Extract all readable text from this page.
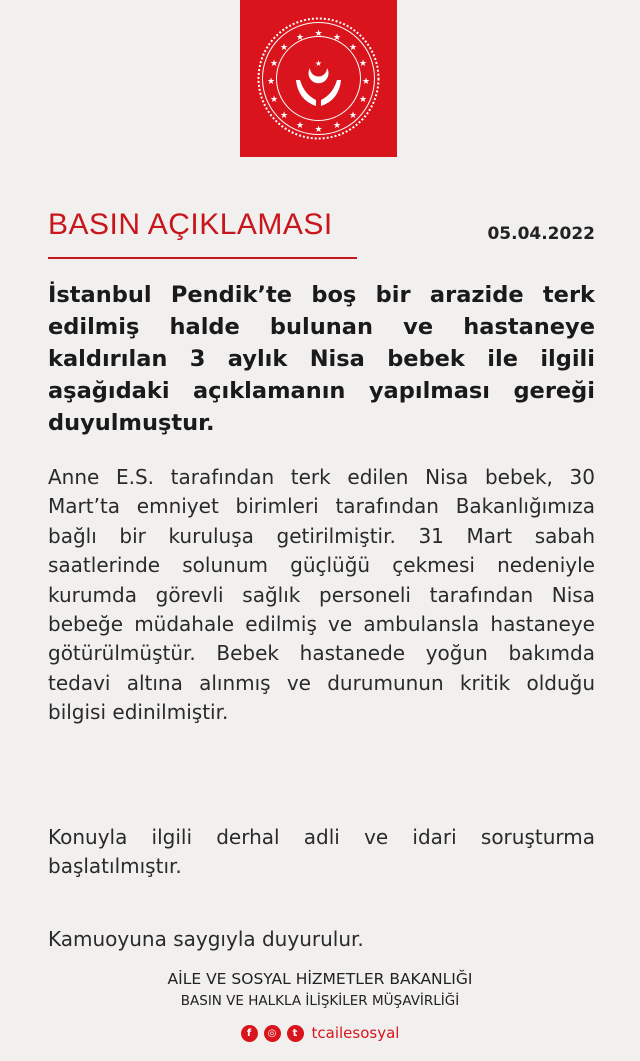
★ ★
★
★
★
★
★
★
★
★
★
★
★
★
★ ★
★
BASIN AÇIKLAMASI	05.04.2022
İstanbul Pendik’te boş bir arazide terk edilmiş halde bulunan ve hastaneye kaldırılan 3 aylık Nisa bebek ile ilgili aşağıdaki açıklamanın yapılması gereği duyulmuştur.
Anne E.S. tarafından terk edilen Nisa bebek, 30 Mart’ta emniyet birimleri tarafından Bakanlığımıza bağlı bir kuruluşa getirilmiştir. 31 Mart sabah saatlerinde solunum güçlüğü çekmesi nedeniyle kurumda görevli sağlık personeli tarafından Nisa bebeğe müdahale edilmiş ve ambulansla hastaneye götürülmüştür. Bebek hastanede yoğun bakımda tedavi altına alınmış ve durumunun kritik olduğu bilgisi edinilmiştir.
Konuyla ilgili derhal adli ve idari soruşturma başlatılmıştır.
Kamuoyuna saygıyla duyurulur.
AİLE VE SOSYAL HİZMETLER BAKANLIĞI
BASIN VE HALKLA İLİŞKİLER MÜŞAVİRLİĞİ
f	◎	t tcailesosyal
